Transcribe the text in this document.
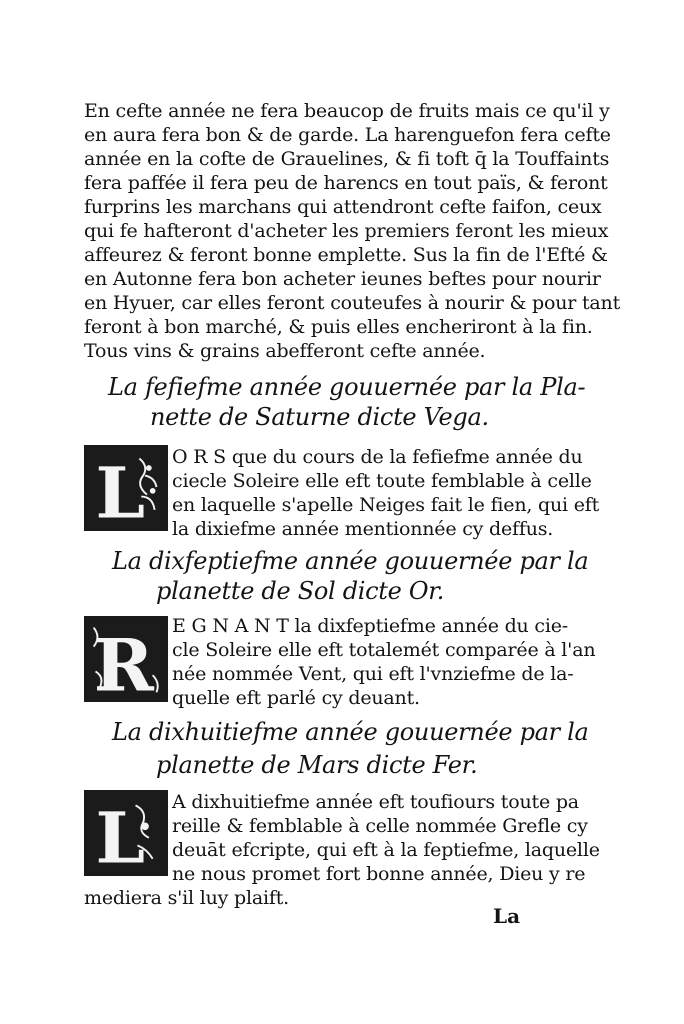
En cefte année ne fera beaucop de fruits mais ce qu'il y
en aura fera bon & de garde. La harenguefon fera cefte
année en la cofte de Grauelines, & fi toft q̄ la Touffaints
fera paffée il fera peu de harencs en tout païs, & feront
furprins les marchans qui attendront cefte faifon, ceux
qui fe hafteront d'acheter les premiers feront les mieux
affeurez & feront bonne emplette. Sus la fin de l'Efté &
en Autonne fera bon acheter ieunes beftes pour nourir
en Hyuer, car elles feront couteufes à nourir & pour tant
feront à bon marché, & puis elles encheriront à la fin.
Tous vins & grains abefferont cefte année.
La fefiefme année gouuernée par la Pla-
nette de Saturne dicte Vega.
L O R S que du cours de la fefiefme année du
ciecle Soleire elle eft toute femblable à celle
en laquelle s'apelle Neiges fait le fien, qui eft
la dixiefme année mentionnée cy deffus.
La dixfeptiefme année gouuernée par la
planette de Sol dicte Or.
R E G N A N T la dixfeptiefme année du cie-
cle Soleire elle eft totalemét comparée à l'an
née nommée Vent, qui eft l'vnziefme de la-
quelle eft parlé cy deuant.
La dixhuitiefme année gouuernée par la
planette de Mars dicte Fer.
L A dixhuitiefme année eft toufiours toute pa
reille & femblable à celle nommée Grefle cy
deuāt efcripte, qui eft à la feptiefme, laquelle
ne nous promet fort bonne année, Dieu y re
mediera s'il luy plaift.
La
